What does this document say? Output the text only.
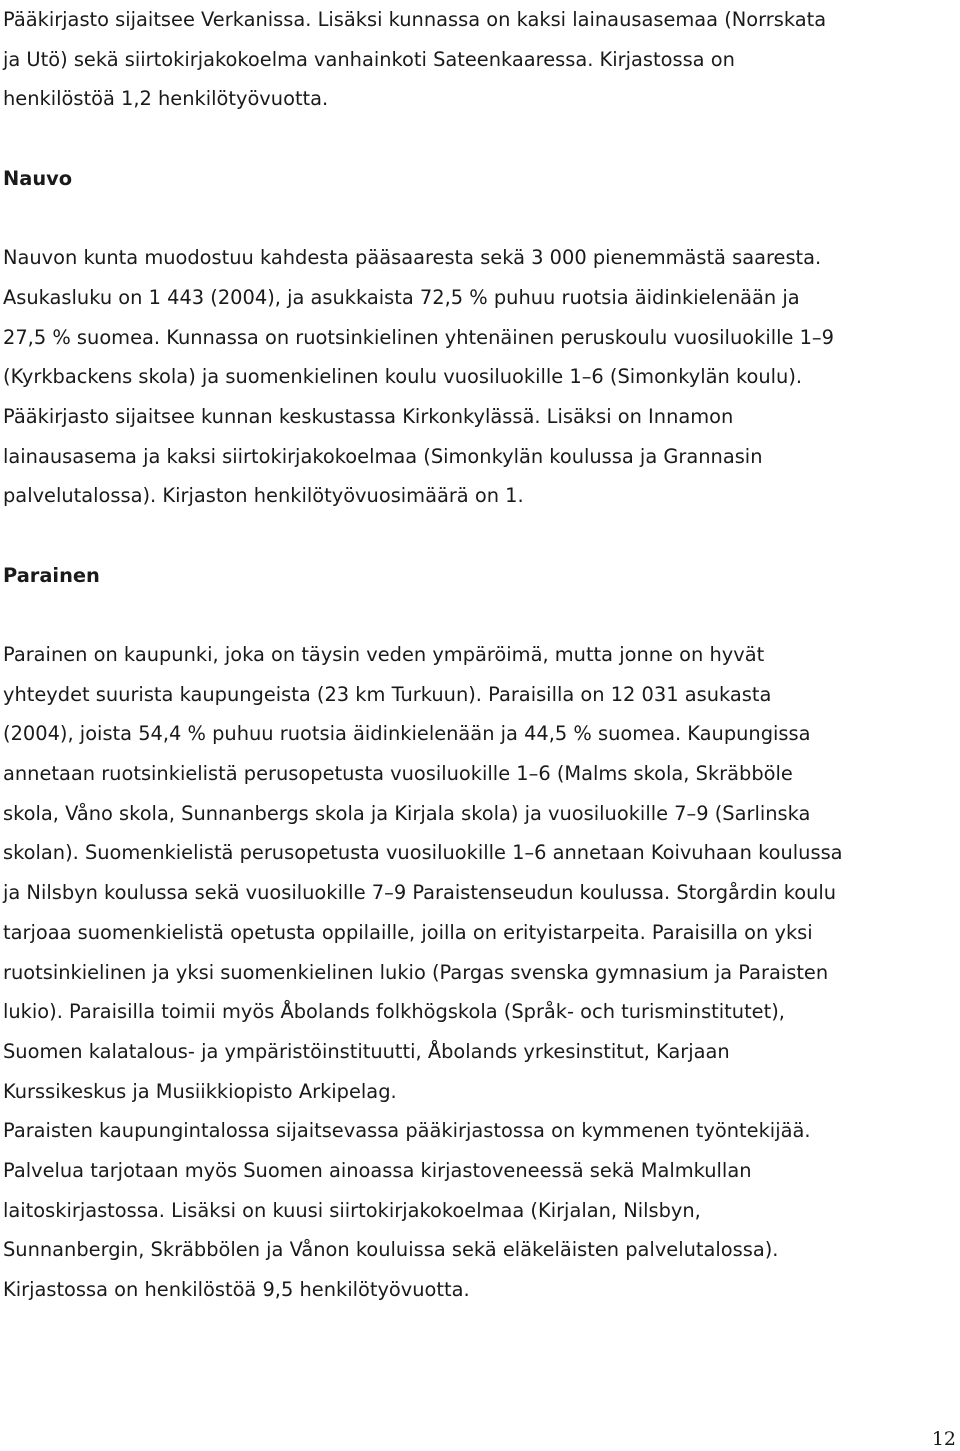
Pääkirjasto sijaitsee Verkanissa. Lisäksi kunnassa on kaksi lainausasemaa (Norrskata
ja Utö) sekä siirtokirjakokoelma vanhainkoti Sateenkaaressa. Kirjastossa on
henkilöstöä 1,2 henkilötyövuotta.

Nauvo

Nauvon kunta muodostuu kahdesta pääsaaresta sekä 3 000 pienemmästä saaresta.
Asukasluku on 1 443 (2004), ja asukkaista 72,5 % puhuu ruotsia äidinkielenään ja
27,5 % suomea. Kunnassa on ruotsinkielinen yhtenäinen peruskoulu vuosiluokille 1–9
(Kyrkbackens skola) ja suomenkielinen koulu vuosiluokille 1–6 (Simonkylän koulu).
Pääkirjasto sijaitsee kunnan keskustassa Kirkonkylässä. Lisäksi on Innamon
lainausasema ja kaksi siirtokirjakokoelmaa (Simonkylän koulussa ja Grannasin
palvelutalossa). Kirjaston henkilötyövuosimäärä on 1.

Parainen

Parainen on kaupunki, joka on täysin veden ympäröimä, mutta jonne on hyvät
yhteydet suurista kaupungeista (23 km Turkuun). Paraisilla on 12 031 asukasta
(2004), joista 54,4 % puhuu ruotsia äidinkielenään ja 44,5 % suomea. Kaupungissa
annetaan ruotsinkielistä perusopetusta vuosiluokille 1–6 (Malms skola, Skräbböle
skola, Våno skola, Sunnanbergs skola ja Kirjala skola) ja vuosiluokille 7–9 (Sarlinska
skolan). Suomenkielistä perusopetusta vuosiluokille 1–6 annetaan Koivuhaan koulussa
ja Nilsbyn koulussa sekä vuosiluokille 7–9 Paraistenseudun koulussa. Storgårdin koulu
tarjoaa suomenkielistä opetusta oppilaille, joilla on erityistarpeita. Paraisilla on yksi
ruotsinkielinen ja yksi suomenkielinen lukio (Pargas svenska gymnasium ja Paraisten
lukio). Paraisilla toimii myös Åbolands folkhögskola (Språk- och turisminstitutet),
Suomen kalatalous- ja ympäristöinstituutti, Åbolands yrkesinstitut, Karjaan
Kurssikeskus ja Musiikkiopisto Arkipelag.

Paraisten kaupungintalossa sijaitsevassa pääkirjastossa on kymmenen työntekijää.
Palvelua tarjotaan myös Suomen ainoassa kirjastoveneessä sekä Malmkullan
laitoskirjastossa. Lisäksi on kuusi siirtokirjakokoelmaa (Kirjalan, Nilsbyn,
Sunnanbergin, Skräbbölen ja Vånon kouluissa sekä eläkeläisten palvelutalossa).
Kirjastossa on henkilöstöä 9,5 henkilötyövuotta.

12
